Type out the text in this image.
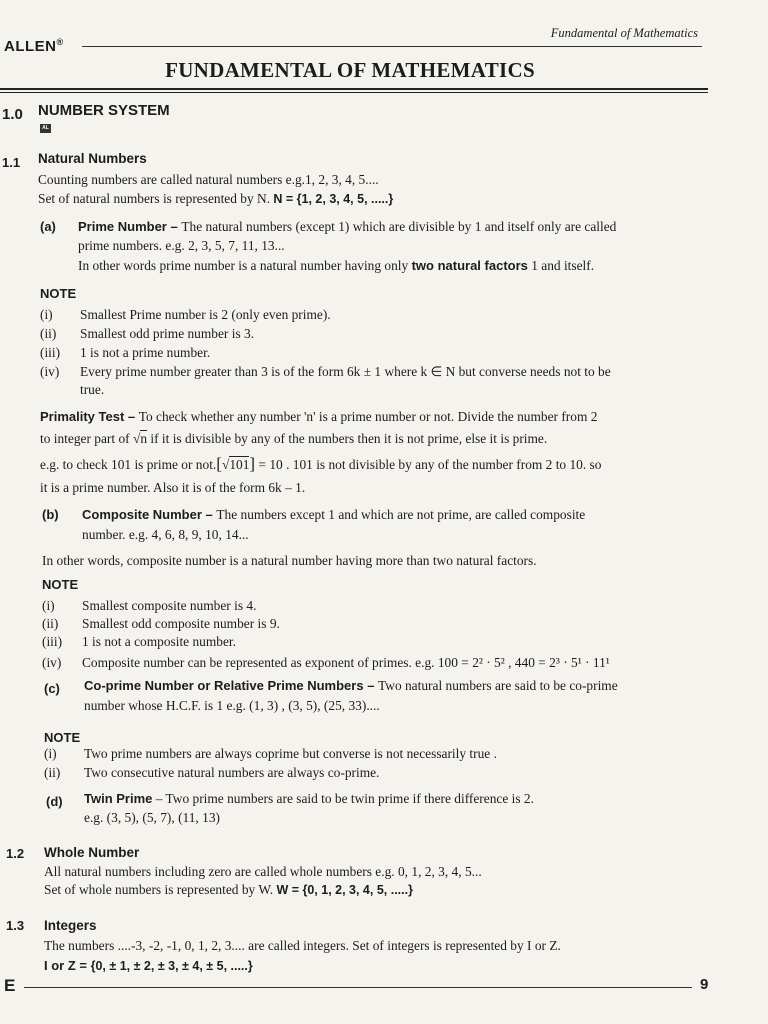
ALLEN®
Fundamental of Mathematics
FUNDAMENTAL OF MATHEMATICS
1.0 NUMBER SYSTEM
AL
1.1 Natural Numbers
Counting numbers are called natural numbers e.g.1, 2, 3, 4, 5....
Set of natural numbers is represented by N. N = {1, 2, 3, 4, 5, .....}
(a) Prime Number – The natural numbers (except 1) which are divisible by 1 and itself only are called
prime numbers. e.g. 2, 3, 5, 7, 11, 13...
In other words prime number is a natural number having only two natural factors 1 and itself.
NOTE
(i) Smallest Prime number is 2 (only even prime).
(ii) Smallest odd prime number is 3.
(iii) 1 is not a prime number.
(iv) Every prime number greater than 3 is of the form 6k ± 1 where k ∈ N but converse needs not to be
true.
Primality Test – To check whether any number 'n' is a prime number or not. Divide the number from 2
to integer part of √n if it is divisible by any of the numbers then it is not prime, else it is prime.
e.g. to check 101 is prime or not.[√101] = 10 . 101 is not divisible by any of the number from 2 to 10. so
it is a prime number. Also it is of the form 6k – 1.
(b) Composite Number – The numbers except 1 and which are not prime, are called composite
number. e.g. 4, 6, 8, 9, 10, 14...
In other words, composite number is a natural number having more than two natural factors.
NOTE
(i) Smallest composite number is 4.
(ii) Smallest odd composite number is 9.
(iii) 1 is not a composite number.
(iv) Composite number can be represented as exponent of primes. e.g. 100 = 2² · 5² , 440 = 2³ · 5¹ · 11¹
(c) Co-prime Number or Relative Prime Numbers – Two natural numbers are said to be co-prime
number whose H.C.F. is 1 e.g. (1, 3) , (3, 5), (25, 33)....
NOTE
(i) Two prime numbers are always coprime but converse is not necessarily true .
(ii) Two consecutive natural numbers are always co-prime.
(d) Twin Prime – Two prime numbers are said to be twin prime if there difference is 2.
e.g. (3, 5), (5, 7), (11, 13)
1.2 Whole Number
All natural numbers including zero are called whole numbers e.g. 0, 1, 2, 3, 4, 5...
Set of whole numbers is represented by W. W = {0, 1, 2, 3, 4, 5, .....}
1.3 Integers
The numbers ....-3, -2, -1, 0, 1, 2, 3.... are called integers. Set of integers is represented by I or Z.
I or Z = {0, ± 1, ± 2, ± 3, ± 4, ± 5, .....}
E	9
